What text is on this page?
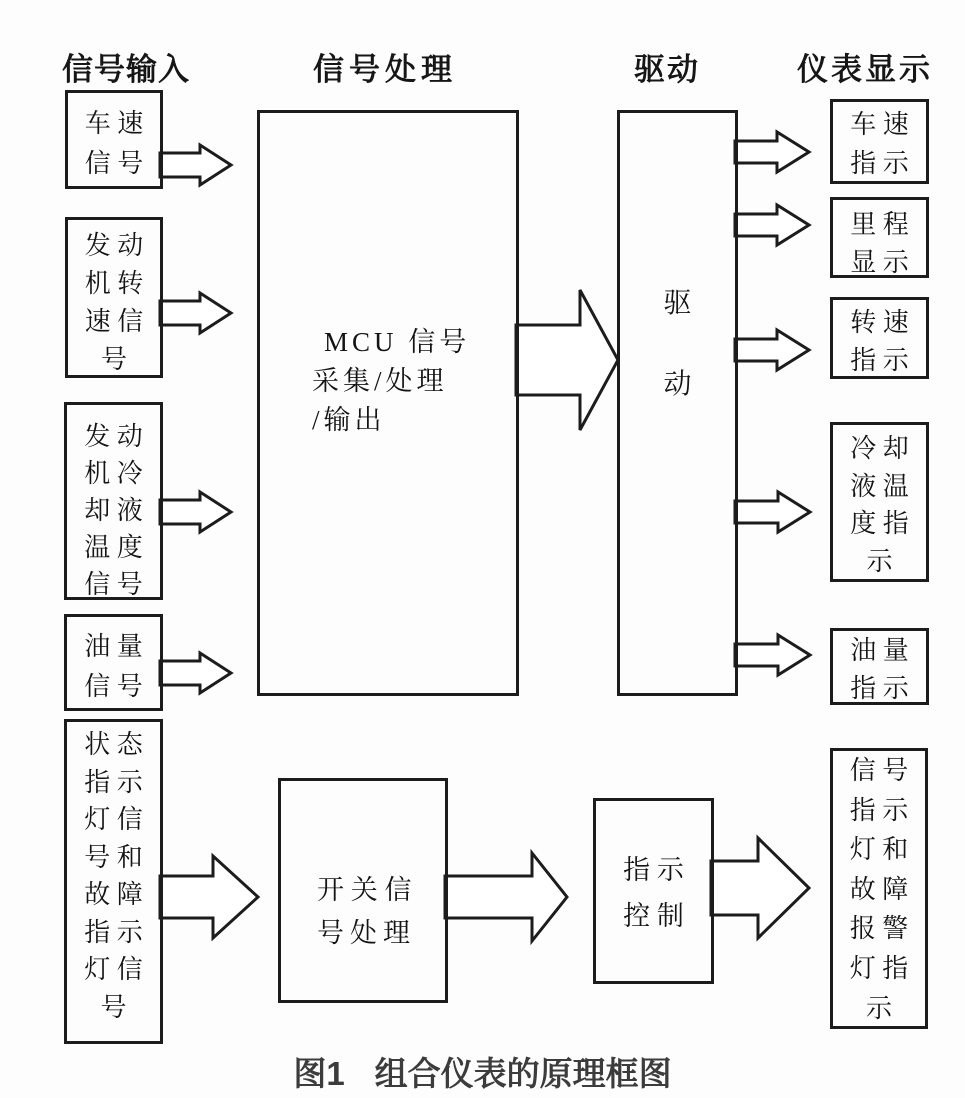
信号输入	信号处理	驱动	仪表显示
车 速
信 号
发 动
机 转
速 信
号
发 动
机 冷
却 液
温 度
信 号
油 量
信 号
状 态
指 示
灯 信
号 和
故 障
指 示
灯 信
号
MCU 信号
采集/处理
/输出
驱
动
开 关 信
号处理
指 示
控 制
车 速
指 示
里 程
显 示
转 速
指 示
冷 却
液 温
度 指
示
油 量
指 示
信 号
指 示
灯 和
故 障
报 警
灯 指
示
图1 组合仪表的原理框图
